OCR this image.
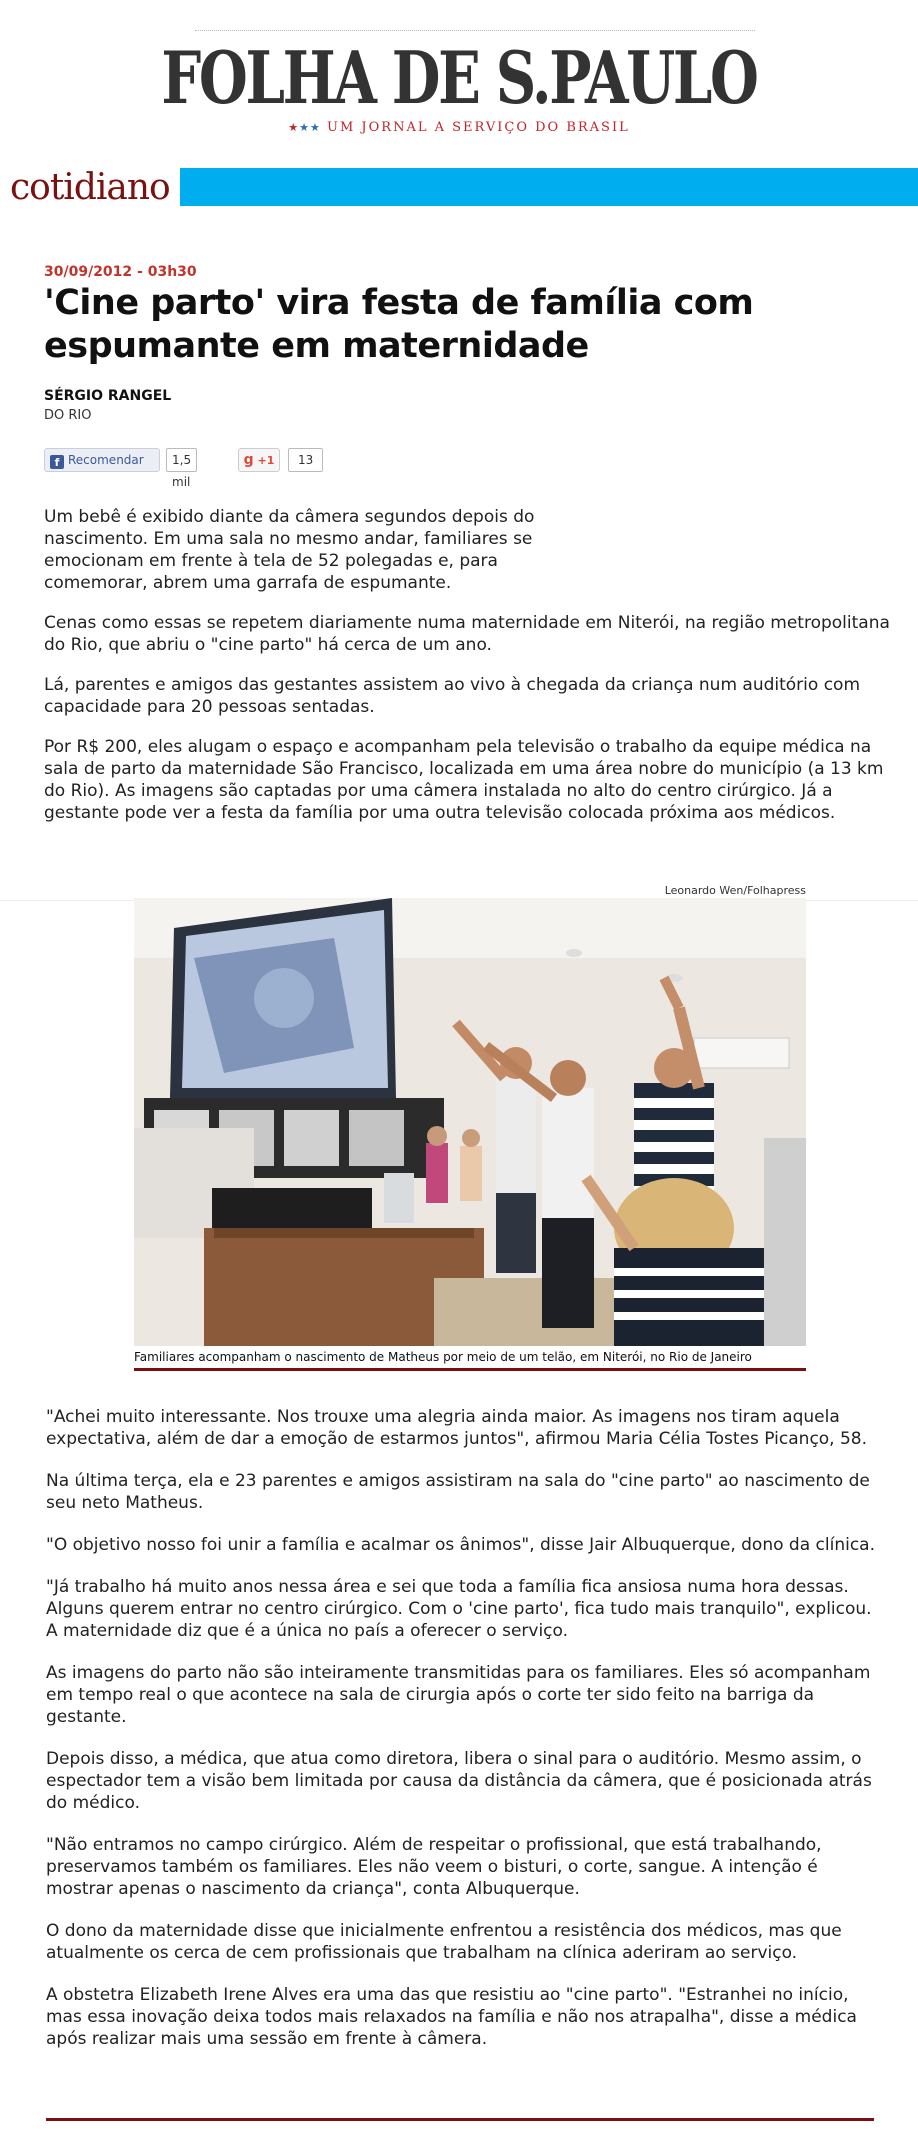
FOLHA DE S.PAULO
★★★ UM JORNAL A SERVIÇO DO BRASIL
cotidiano
30/09/2012 - 03h30
'Cine parto' vira festa de família com espumante em maternidade
SÉRGIO RANGEL
DO RIO
f Recomendar	1,5 mil
g +1	13

Um bebê é exibido diante da câmera segundos depois do nascimento. Em uma sala no mesmo andar, familiares se emocionam em frente à tela de 52 polegadas e, para comemorar, abrem uma garrafa de espumante.

Cenas como essas se repetem diariamente numa maternidade em Niterói, na região metropolitana do Rio, que abriu o "cine parto" há cerca de um ano.

Lá, parentes e amigos das gestantes assistem ao vivo à chegada da criança num auditório com capacidade para 20 pessoas sentadas.

Por R$ 200, eles alugam o espaço e acompanham pela televisão o trabalho da equipe médica na sala de parto da maternidade São Francisco, localizada em uma área nobre do município (a 13 km do Rio). As imagens são captadas por uma câmera instalada no alto do centro cirúrgico. Já a gestante pode ver a festa da família por uma outra televisão colocada próxima aos médicos.

Leonardo Wen/Folhapress
Familiares acompanham o nascimento de Matheus por meio de um telão, em Niterói, no Rio de Janeiro

"Achei muito interessante. Nos trouxe uma alegria ainda maior. As imagens nos tiram aquela expectativa, além de dar a emoção de estarmos juntos", afirmou Maria Célia Tostes Picanço, 58.

Na última terça, ela e 23 parentes e amigos assistiram na sala do "cine parto" ao nascimento de seu neto Matheus.

"O objetivo nosso foi unir a família e acalmar os ânimos", disse Jair Albuquerque, dono da clínica.

"Já trabalho há muito anos nessa área e sei que toda a família fica ansiosa numa hora dessas. Alguns querem entrar no centro cirúrgico. Com o 'cine parto', fica tudo mais tranquilo", explicou. A maternidade diz que é a única no país a oferecer o serviço.

As imagens do parto não são inteiramente transmitidas para os familiares. Eles só acompanham em tempo real o que acontece na sala de cirurgia após o corte ter sido feito na barriga da gestante.

Depois disso, a médica, que atua como diretora, libera o sinal para o auditório. Mesmo assim, o espectador tem a visão bem limitada por causa da distância da câmera, que é posicionada atrás do médico.

"Não entramos no campo cirúrgico. Além de respeitar o profissional, que está trabalhando, preservamos também os familiares. Eles não veem o bisturi, o corte, sangue. A intenção é mostrar apenas o nascimento da criança", conta Albuquerque.

O dono da maternidade disse que inicialmente enfrentou a resistência dos médicos, mas que atualmente os cerca de cem profissionais que trabalham na clínica aderiram ao serviço.

A obstetra Elizabeth Irene Alves era uma das que resistiu ao "cine parto". "Estranhei no início, mas essa inovação deixa todos mais relaxados na família e não nos atrapalha", disse a médica após realizar mais uma sessão em frente à câmera.
